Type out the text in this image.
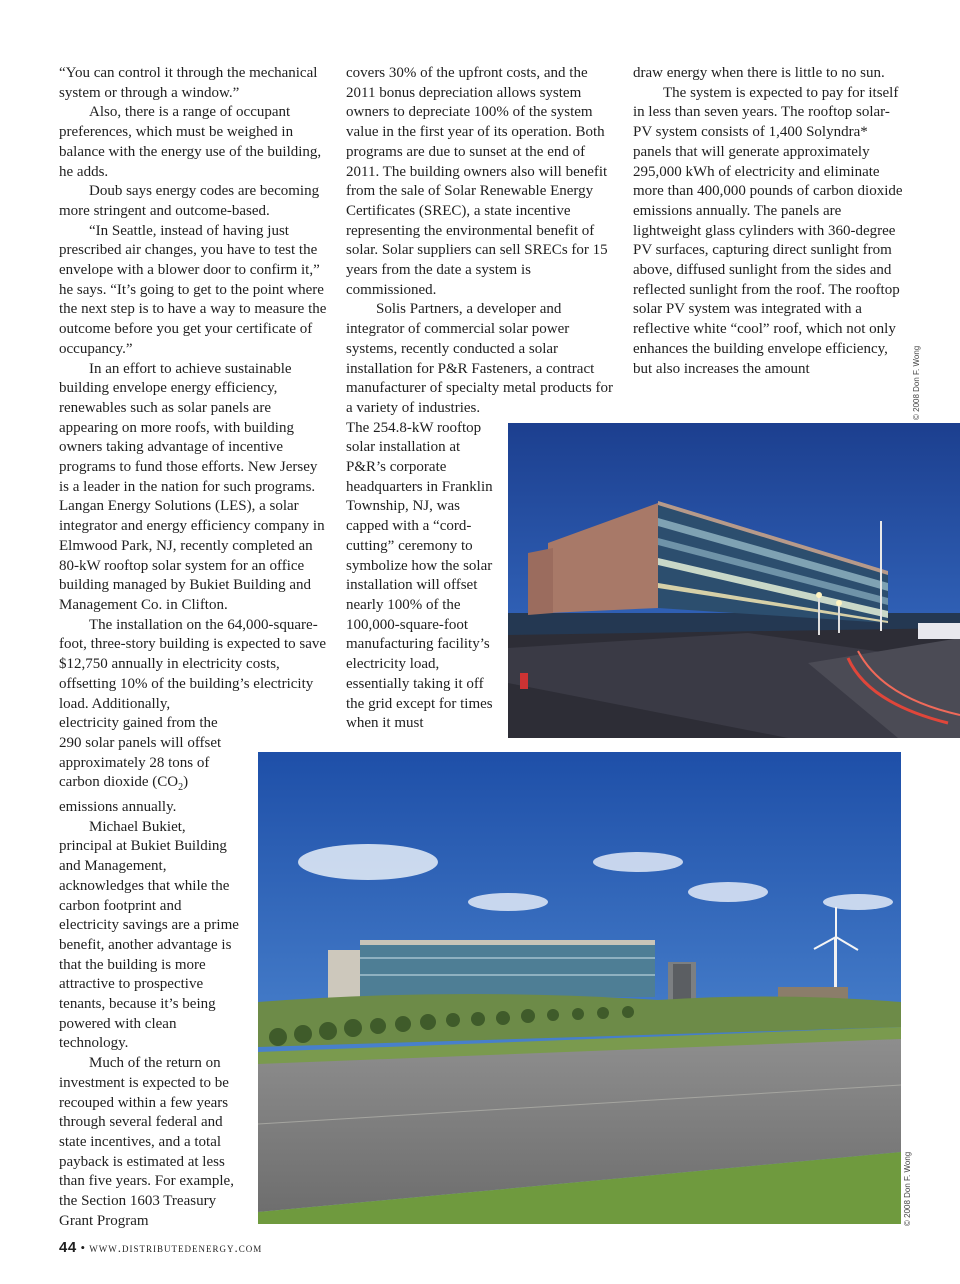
“You can control it through the mechanical system or through a window.”

Also, there is a range of occupant preferences, which must be weighed in balance with the energy use of the building, he adds.

Doub says energy codes are becoming more stringent and outcome-based.

“In Seattle, instead of having just prescribed air changes, you have to test the envelope with a blower door to confirm it,” he says. “It’s going to get to the point where the next step is to have a way to measure the outcome before you get your certificate of occupancy.”

In an effort to achieve sustainable building envelope energy efficiency, renewables such as solar panels are appearing on more roofs, with building owners taking advantage of incentive programs to fund those efforts. New Jersey is a leader in the nation for such programs. Langan Energy Solutions (LES), a solar integrator and energy efficiency company in Elmwood Park, NJ, recently completed an 80-kW rooftop solar system for an office building managed by Bukiet Building and Management Co. in Clifton.

The installation on the 64,000-square-foot, three-story building is expected to save $12,750 annually in electricity costs, offsetting 10% of the building’s electricity load. Additionally,

electricity gained from the 290 solar panels will offset approximately 28 tons of carbon dioxide $(CO_2)$ emissions annually.

Michael Bukiet, principal at Bukiet Building and Management, acknowledges that while the carbon footprint and electricity savings are a prime benefit, another advantage is that the building is more attractive to prospective tenants, because it’s being powered with clean technology.

Much of the return on investment is expected to be recouped within a few years through several federal and state incentives, and a total payback is estimated at less than five years. For example, the Section 1603 Treasury Grant Program

covers 30% of the upfront costs, and the 2011 bonus depreciation allows system owners to depreciate 100% of the system value in the first year of its operation. Both programs are due to sunset at the end of 2011. The building owners also will benefit from the sale of Solar Renewable Energy Certificates (SREC), a state incentive representing the environmental benefit of solar. Solar suppliers can sell SRECs for 15 years from the date a system is commissioned.

Solis Partners, a developer and integrator of commercial solar power systems, recently conducted a solar installation for P&R Fasteners, a contract manufacturer of specialty metal products for a variety of industries.

The 254.8-kW rooftop solar installation at P&R’s corporate headquarters in Franklin Township, NJ, was capped with a “cord-cutting” ceremony to symbolize how the solar installation will offset nearly 100% of the 100,000-square-foot manufacturing facility’s electricity load, essentially taking it off the grid except for times when it must

draw energy when there is little to no sun.

The system is expected to pay for itself in less than seven years. The rooftop solar-PV system consists of 1,400 Solyndra* panels that will generate approximately 295,000 kWh of electricity and eliminate more than 400,000 pounds of carbon dioxide emissions annually. The panels are lightweight glass cylinders with 360-degree PV surfaces, capturing direct sunlight from above, diffused sunlight from the sides and reflected sunlight from the roof. The rooftop solar PV system was integrated with a reflective white “cool” roof, which not only enhances the building envelope efficiency, but also increases the amount	© 2008 Don F. Wong
© 2008 Don F. Wong
44 • www.distributedenergy.com
